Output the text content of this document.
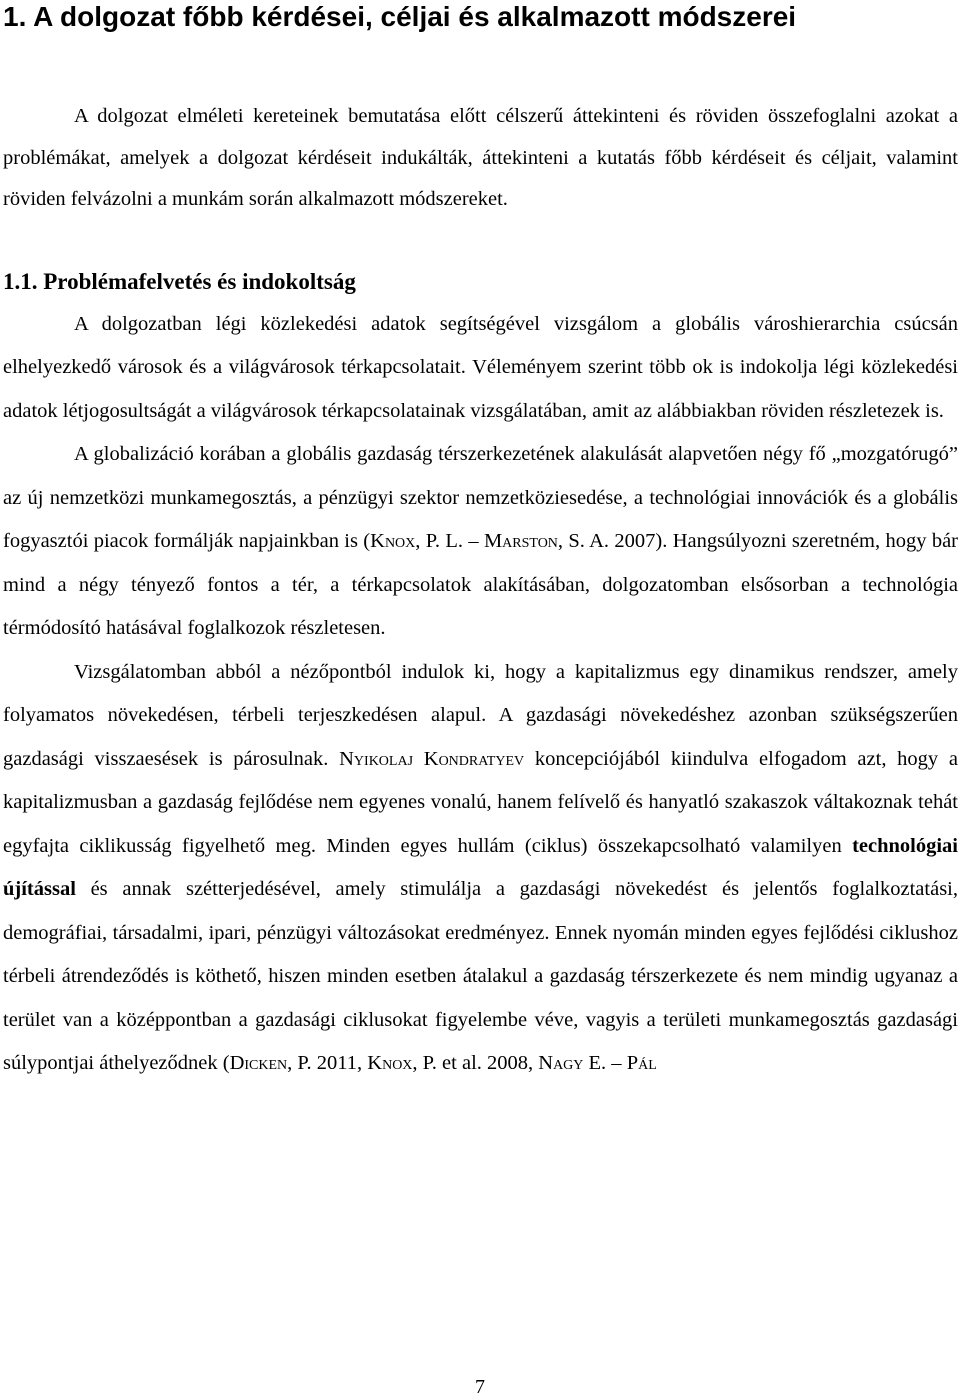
1. A dolgozat főbb kérdései, céljai és alkalmazott módszerei

A dolgozat elméleti kereteinek bemutatása előtt célszerű áttekinteni és röviden összefoglalni azokat a problémákat, amelyek a dolgozat kérdéseit indukálták, áttekinteni a kutatás főbb kérdéseit és céljait, valamint röviden felvázolni a munkám során alkalmazott módszereket.

1.1. Problémafelvetés és indokoltság

A dolgozatban légi közlekedési adatok segítségével vizsgálom a globális városhierarchia csúcsán elhelyezkedő városok és a világvárosok térkapcsolatait. Véleményem szerint több ok is indokolja légi közlekedési adatok létjogosultságát a világvárosok térkapcsolatainak vizsgálatában, amit az alábbiakban röviden részletezek is.

A globalizáció korában a globális gazdaság térszerkezetének alakulását alapvetően négy fő „mozgatórugó” az új nemzetközi munkamegosztás, a pénzügyi szektor nemzetköziesedése, a technológiai innovációk és a globális fogyasztói piacok formálják napjainkban is (Knox, P. L. – Marston, S. A. 2007). Hangsúlyozni szeretném, hogy bár mind a négy tényező fontos a tér, a térkapcsolatok alakításában, dolgozatomban elsősorban a technológia térmódosító hatásával foglalkozok részletesen.

Vizsgálatomban abból a nézőpontból indulok ki, hogy a kapitalizmus egy dinamikus rendszer, amely folyamatos növekedésen, térbeli terjeszkedésen alapul. A gazdasági növekedéshez azonban szükségszerűen gazdasági visszaesések is párosulnak. Nyikolaj Kondratyev koncepciójából kiindulva elfogadom azt, hogy a kapitalizmusban a gazdaság fejlődése nem egyenes vonalú, hanem felívelő és hanyatló szakaszok váltakoznak tehát egyfajta ciklikusság figyelhető meg. Minden egyes hullám (ciklus) összekapcsolható valamilyen technológiai újítással és annak szétterjedésével, amely stimulálja a gazdasági növekedést és jelentős foglalkoztatási, demográfiai, társadalmi, ipari, pénzügyi változásokat eredményez. Ennek nyomán minden egyes fejlődési ciklushoz térbeli átrendeződés is köthető, hiszen minden esetben átalakul a gazdaság térszerkezete és nem mindig ugyanaz a terület van a középpontban a gazdasági ciklusokat figyelembe véve, vagyis a területi munkamegosztás gazdasági súlypontjai áthelyeződnek (Dicken, P. 2011, Knox, P. et al. 2008, Nagy E. – Pál

7
